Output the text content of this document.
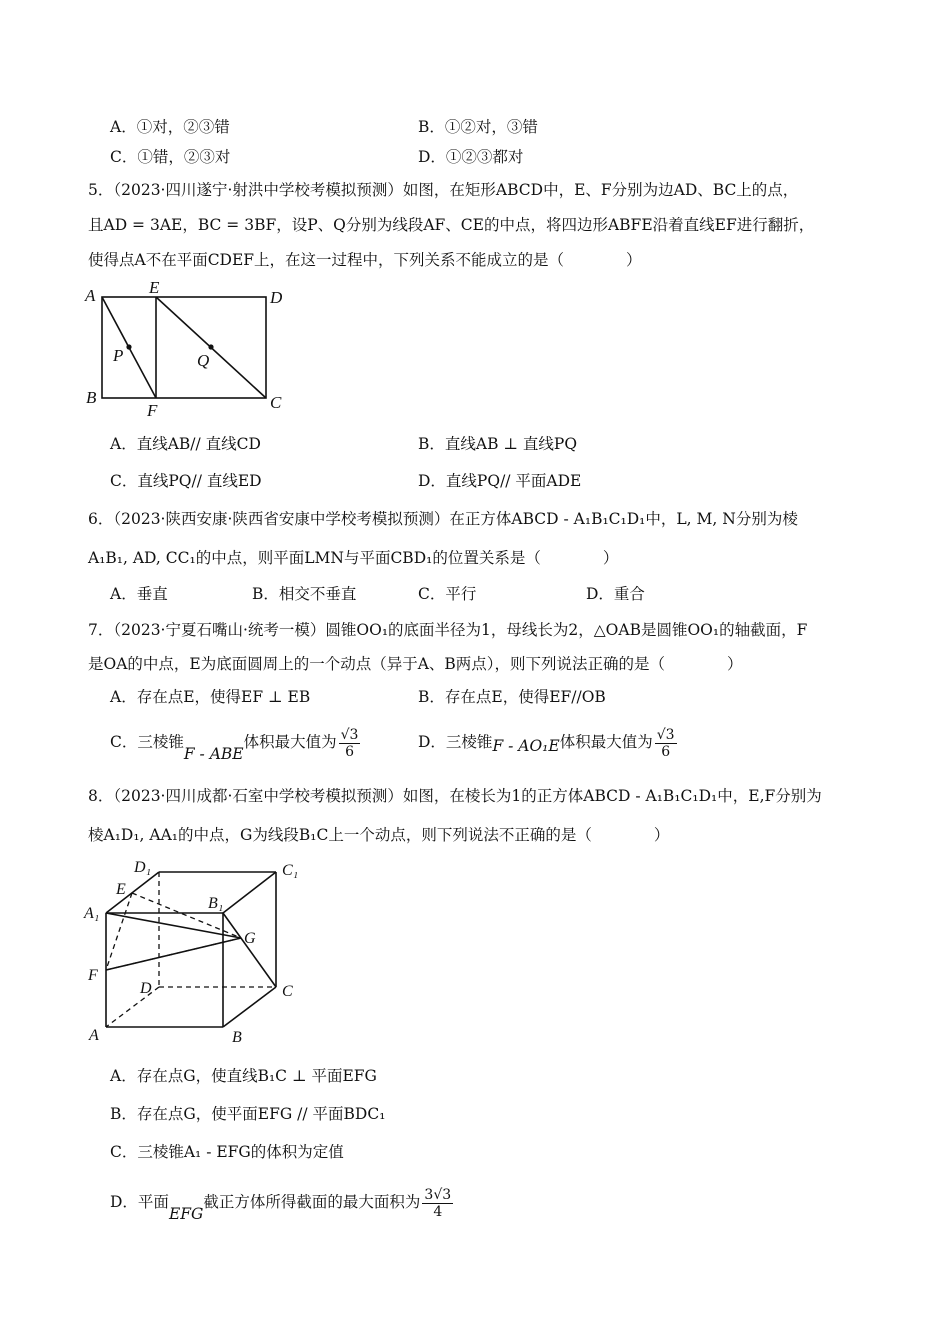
A．①对，②③错	B．①②对，③错
C．①错，②③对	D．①②③都对
5．（2023·四川遂宁·射洪中学校考模拟预测）如图，在矩形ABCD中，E、F分别为边AD、BC上的点，
且AD = 3AE，BC = 3BF，设P、Q分别为线段AF、CE的中点，将四边形ABFE沿着直线EF进行翻折，
使得点A不在平面CDEF上，在这一过程中，下列关系不能成立的是（　　　　）
A	E
D
P	Q
B
F	C
A．直线AB// 直线CD	B．直线AB ⊥ 直线PQ
C．直线PQ// 直线ED	D．直线PQ// 平面ADE
6．（2023·陕西安康·陕西省安康中学校考模拟预测）在正方体ABCD - A₁B₁C₁D₁中，L, M, N分别为棱
A₁B₁, AD, CC₁的中点，则平面LMN与平面CBD₁的位置关系是（　　　　）
A．垂直	B．相交不垂直	C．平行	D．重合
7．（2023·宁夏石嘴山·统考一模）圆锥OO₁的底面半径为1，母线长为2，△OAB是圆锥OO₁的轴截面，F
是OA的中点，E为底面圆周上的一个动点（异于A、B两点），则下列说法正确的是（　　　　）
A．存在点E，使得EF ⊥ EB	B．存在点E，使得EF//OB
C．三棱锥F - ABE体积最大值为 $\frac{√3}{6}$	D．三棱锥F - AO₁E体积最大值为 $\frac{√3}{6}$
8．（2023·四川成都·石室中学校考模拟预测）如图，在棱长为1的正方体ABCD - A₁B₁C₁D₁中，E,F分别为
棱A₁D₁, AA₁的中点，G为线段B₁C上一个动点，则下列说法不正确的是（　　　　）
D₁	C₁
E
B₁
A₁
G
F
D	C
A	B
A．存在点G，使直线B₁C ⊥ 平面EFG
B．存在点G，使平面EFG // 平面BDC₁
C．三棱锥A₁ - EFG的体积为定值
D．平面EFG截正方体所得截面的最大面积为 $\frac{3√3}{4}$
